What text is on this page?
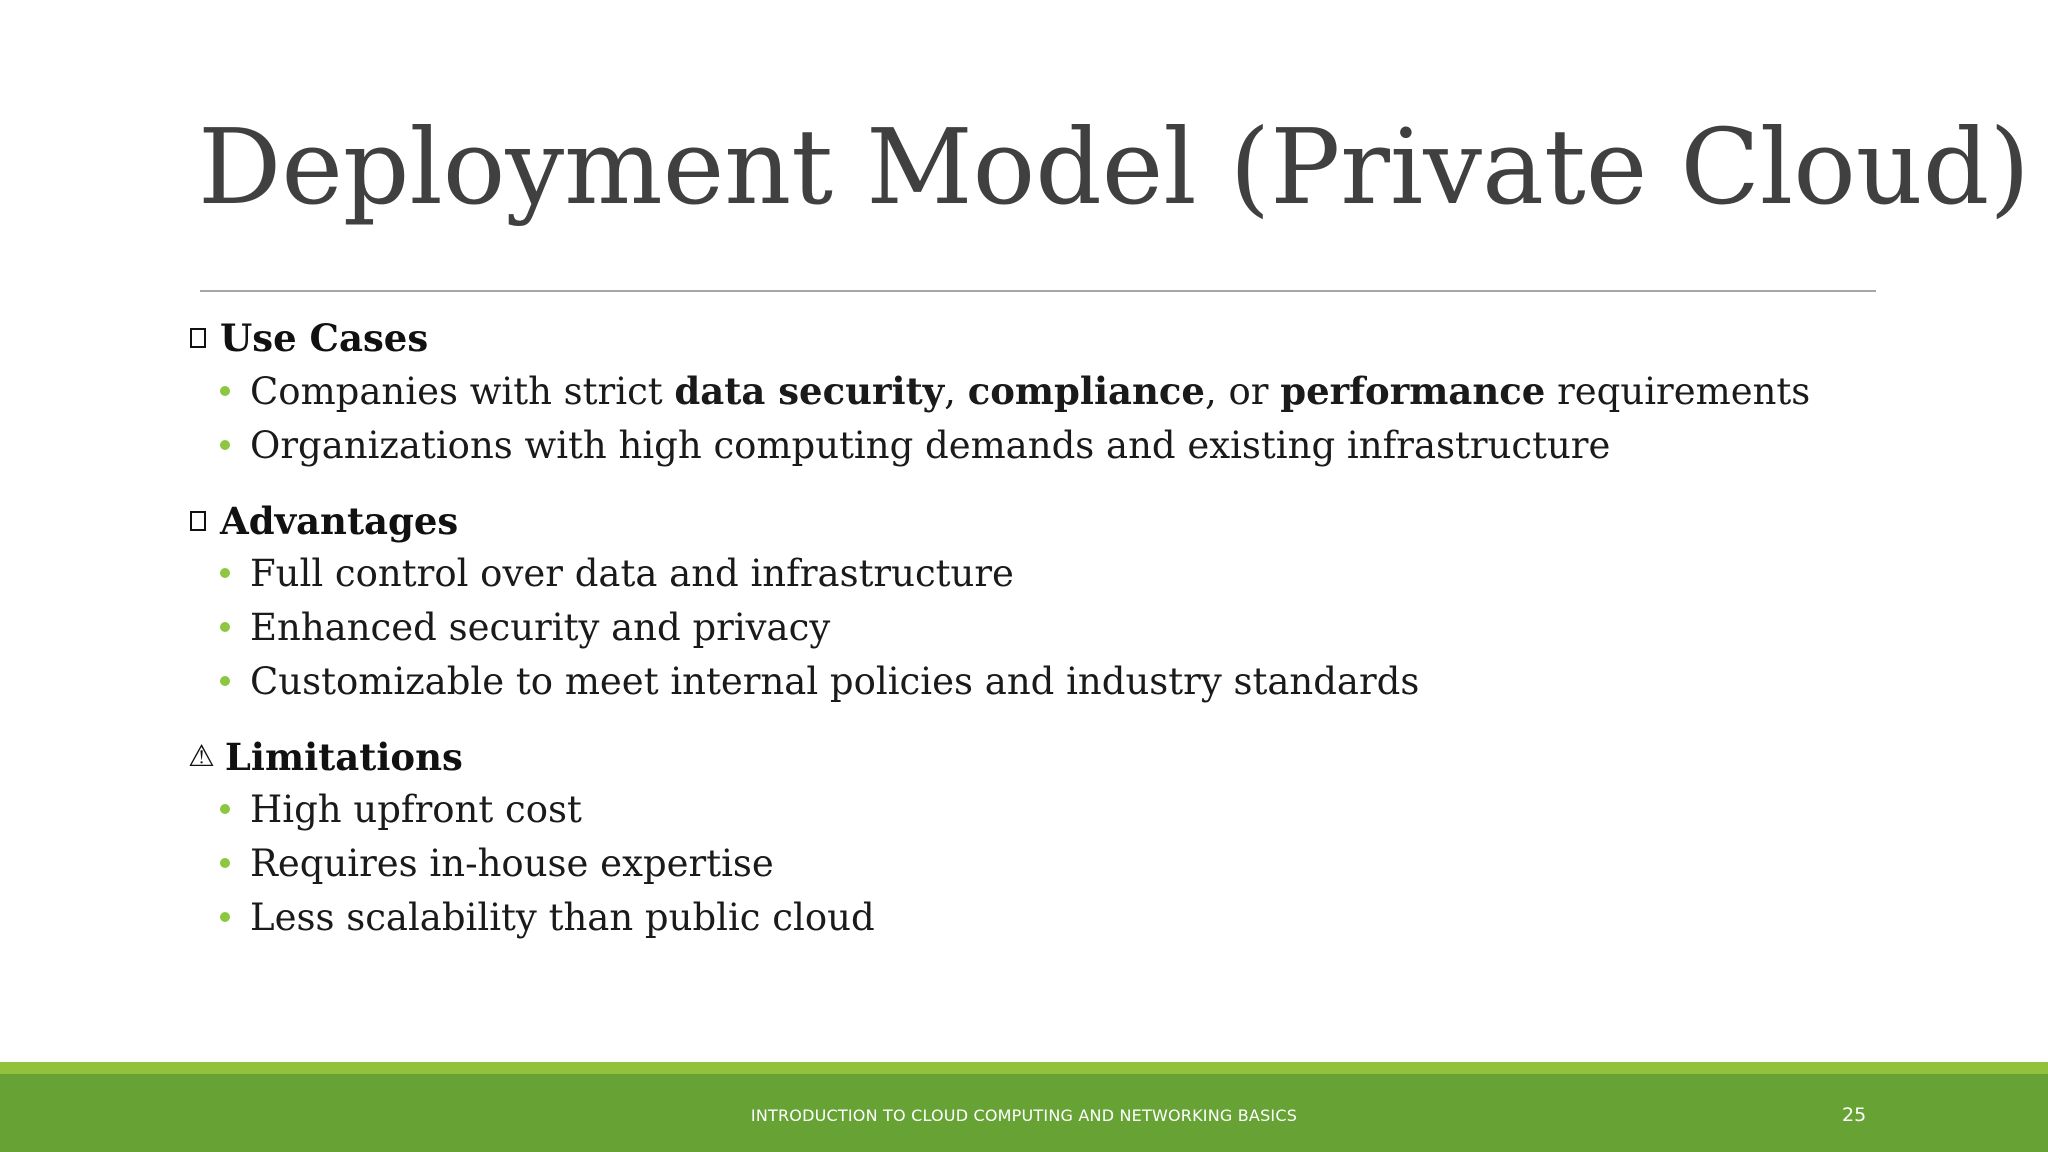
Deployment Model (Private Cloud)
Use Cases
Companies with strict data security, compliance, or performance requirements
Organizations with high computing demands and existing infrastructure
Advantages
Full control over data and infrastructure
Enhanced security and privacy
Customizable to meet internal policies and industry standards
⚠ Limitations
High upfront cost
Requires in-house expertise
Less scalability than public cloud
INTRODUCTION TO CLOUD COMPUTING AND NETWORKING BASICS	25
